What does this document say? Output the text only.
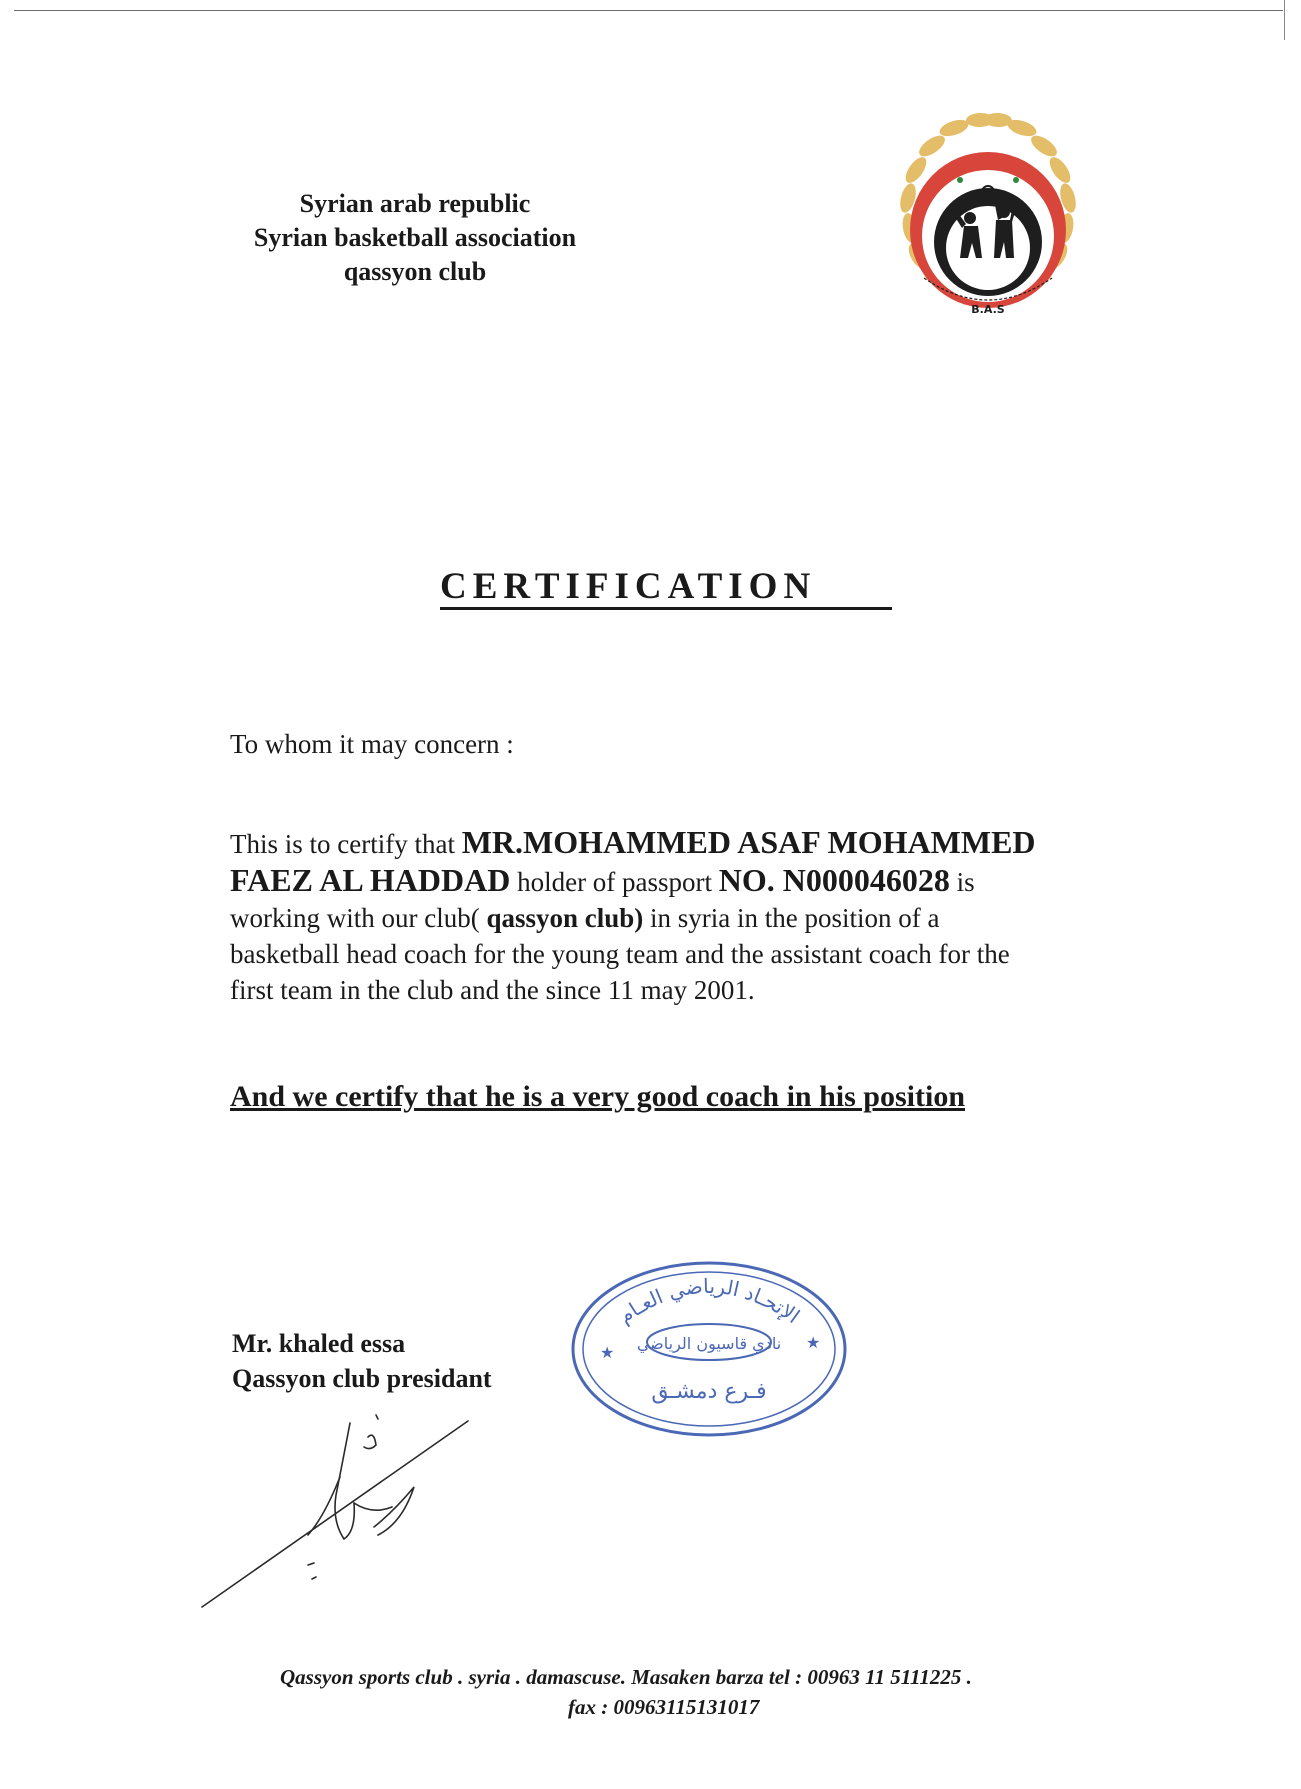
Syrian arab republic
Syrian basketball association
qassyon club
B.A.S
CERTIFICATION
To whom it may concern :
This is to certify that MR.MOHAMMED ASAF MOHAMMED
FAEZ AL HADDAD holder of passport NO. N000046028 is
working with our club( qassyon club) in syria in the position of a
basketball head coach for the young team and the assistant coach for the
first team in the club and the since 11 may 2001.
And we certify that he is a very good coach in his position
Mr. khaled essa
Qassyon club presidant
الإتحـاد الرياضي العـام
نادي قاسيون الرياضي
فـرع دمشـق
★
★
Qassyon sports club . syria . damascuse. Masaken barza tel : 00963 11 5111225 .
fax : 00963115131017
